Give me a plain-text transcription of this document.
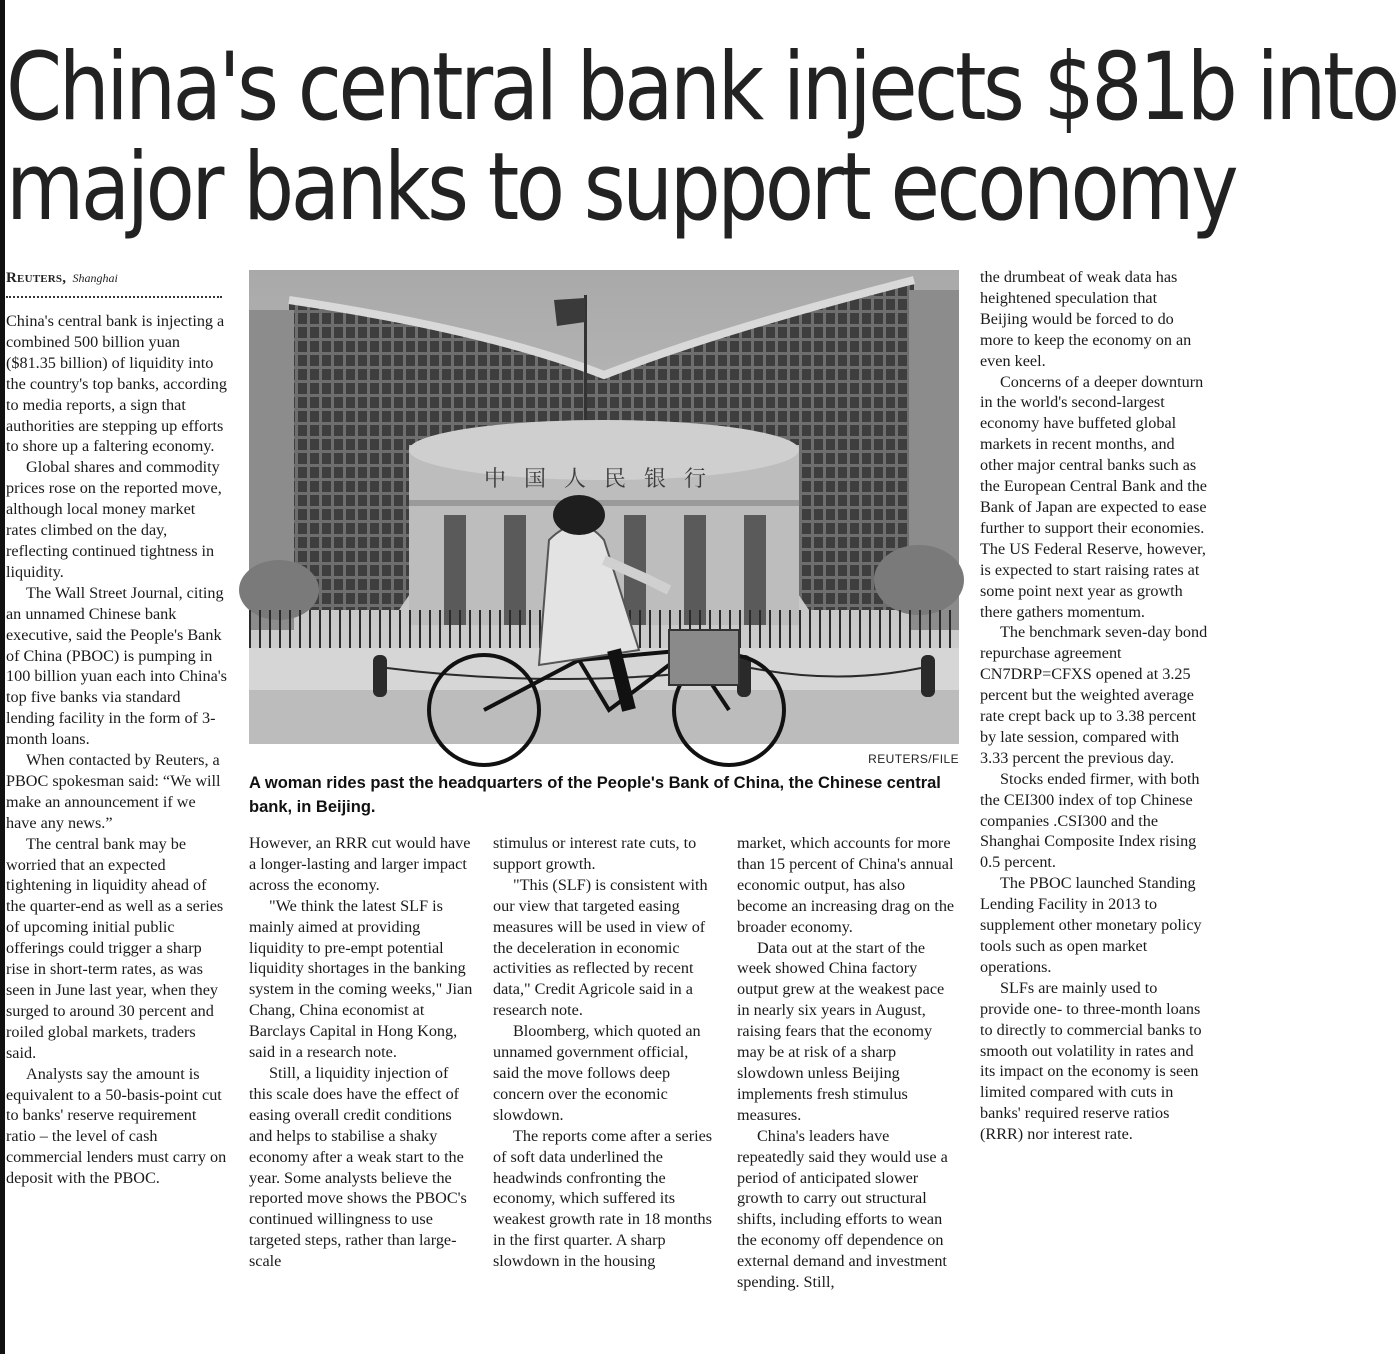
China's central bank injects $81b into
major banks to support economy
Reuters, Shanghai

China's central bank is injecting a combined 500 billion yuan ($81.35 billion) of liquidity into the country's top banks, according to media reports, a sign that authorities are stepping up efforts to shore up a faltering economy.

Global shares and commodity prices rose on the reported move, although local money market rates climbed on the day, reflecting continued tightness in liquidity.

The Wall Street Journal, citing an unnamed Chinese bank executive, said the People's Bank of China (PBOC) is pumping in 100 billion yuan each into China's top five banks via standard lending facility in the form of 3-month loans.

When contacted by Reuters, a PBOC spokesman said: “We will make an announcement if we have any news.”

The central bank may be worried that an expected tightening in liquidity ahead of the quarter-end as well as a series of upcoming initial public offerings could trigger a sharp rise in short-term rates, as was seen in June last year, when they surged to around 30 percent and roiled global markets, traders said.

Analysts say the amount is equivalent to a 50-basis-point cut to banks' reserve requirement ratio – the level of cash commercial lenders must carry on deposit with the PBOC.

中国人民银行
REUTERS/FILE

A woman rides past the headquarters of the People's Bank of China, the Chinese central bank, in Beijing.

However, an RRR cut would have a longer-lasting and larger impact across the economy.

"We think the latest SLF is mainly aimed at providing liquidity to pre-empt potential liquidity shortages in the banking system in the coming weeks," Jian Chang, China economist at Barclays Capital in Hong Kong, said in a research note.

Still, a liquidity injection of this scale does have the effect of easing overall credit conditions and helps to stabilise a shaky economy after a weak start to the year. Some analysts believe the reported move shows the PBOC's continued willingness to use targeted steps, rather than large-scale

stimulus or interest rate cuts, to support growth.

"This (SLF) is consistent with our view that targeted easing measures will be used in view of the deceleration in economic activities as reflected by recent data," Credit Agricole said in a research note.

Bloomberg, which quoted an unnamed government official, said the move follows deep concern over the economic slowdown.

The reports come after a series of soft data underlined the headwinds confronting the economy, which suffered its weakest growth rate in 18 months in the first quarter. A sharp slowdown in the housing

market, which accounts for more than 15 percent of China's annual economic output, has also become an increasing drag on the broader economy.

Data out at the start of the week showed China factory output grew at the weakest pace in nearly six years in August, raising fears that the economy may be at risk of a sharp slowdown unless Beijing implements fresh stimulus measures.

China's leaders have repeatedly said they would use a period of anticipated slower growth to carry out structural shifts, including efforts to wean the economy off dependence on external demand and investment spending. Still,

the drumbeat of weak data has heightened speculation that Beijing would be forced to do more to keep the economy on an even keel.

Concerns of a deeper downturn in the world's second-largest economy have buffeted global markets in recent months, and other major central banks such as the European Central Bank and the Bank of Japan are expected to ease further to support their economies. The US Federal Reserve, however, is expected to start raising rates at some point next year as growth there gathers momentum.

The benchmark seven-day bond repurchase agreement CN7DRP=CFXS opened at 3.25 percent but the weighted average rate crept back up to 3.38 percent by late session, compared with 3.33 percent the previous day.

Stocks ended firmer, with both the CEI300 index of top Chinese companies .CSI300 and the Shanghai Composite Index rising 0.5 percent.

The PBOC launched Standing Lending Facility in 2013 to supplement other monetary policy tools such as open market operations.

SLFs are mainly used to provide one- to three-month loans to directly to commercial banks to smooth out volatility in rates and its impact on the economy is seen limited compared with cuts in banks' required reserve ratios (RRR) nor interest rate.
